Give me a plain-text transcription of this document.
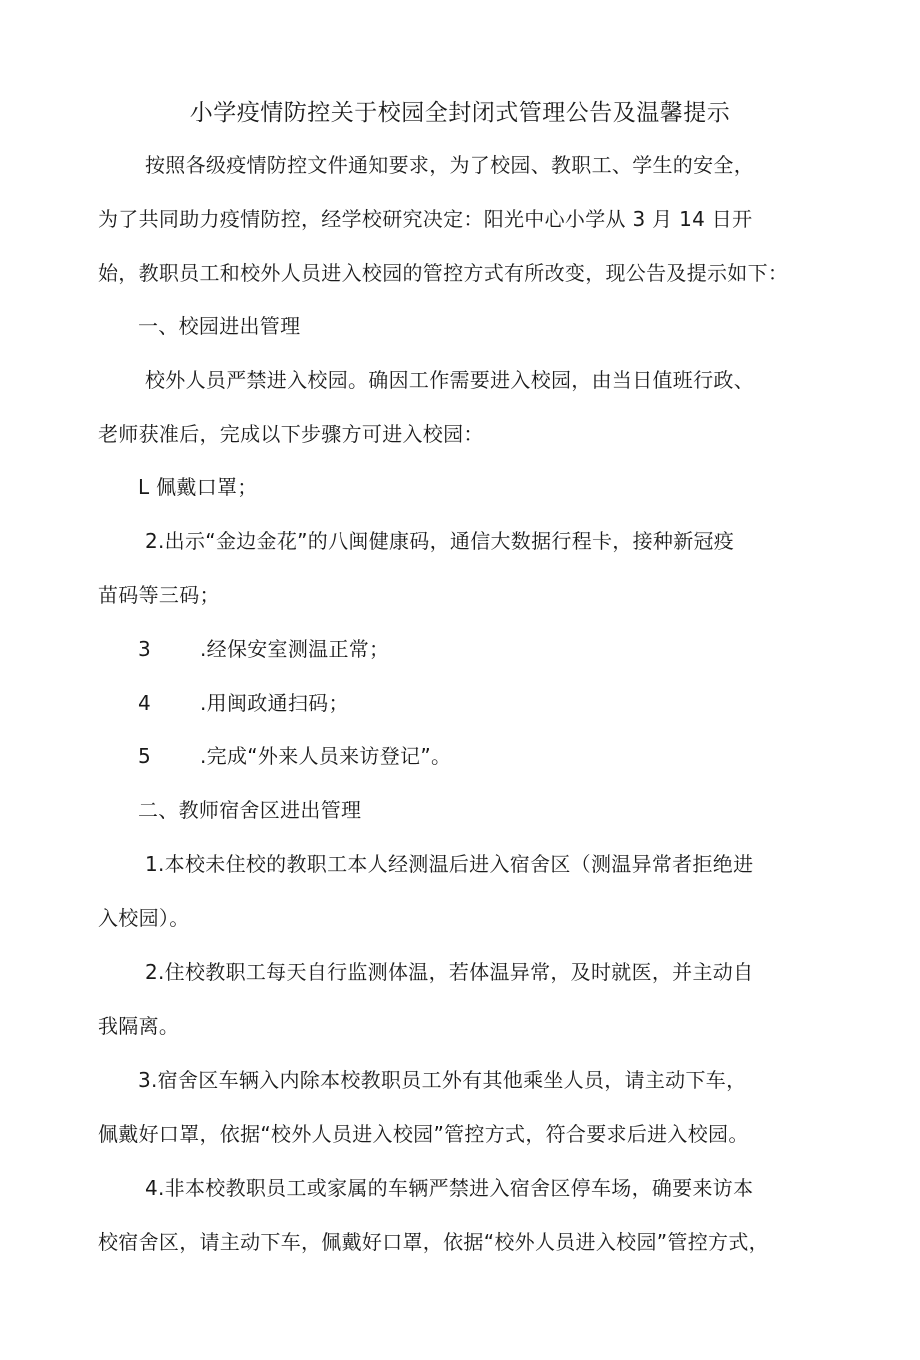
小学疫情防控关于校园全封闭式管理公告及温馨提示
按照各级疫情防控文件通知要求，为了校园、教职工、学生的安全，
为了共同助力疫情防控，经学校研究决定：阳光中心小学从 3 月 14 日开
始，教职员工和校外人员进入校园的管控方式有所改变，现公告及提示如下：
一、校园进出管理
校外人员严禁进入校园。确因工作需要进入校园，由当日值班行政、
老师获准后，完成以下步骤方可进入校园：
L 佩戴口罩；
2.出示“金边金花”的八闽健康码，通信大数据行程卡，接种新冠疫
苗码等三码；
3 .经保安室测温正常；
4 .用闽政通扫码；
5 .完成“外来人员来访登记”。
二、教师宿舍区进出管理
1.本校未住校的教职工本人经测温后进入宿舍区（测温异常者拒绝进
入校园）。
2.住校教职工每天自行监测体温，若体温异常，及时就医，并主动自
我隔离。
3.宿舍区车辆入内除本校教职员工外有其他乘坐人员，请主动下车，
佩戴好口罩，依据“校外人员进入校园”管控方式，符合要求后进入校园。
4.非本校教职员工或家属的车辆严禁进入宿舍区停车场，确要来访本
校宿舍区，请主动下车，佩戴好口罩，依据“校外人员进入校园”管控方式，
